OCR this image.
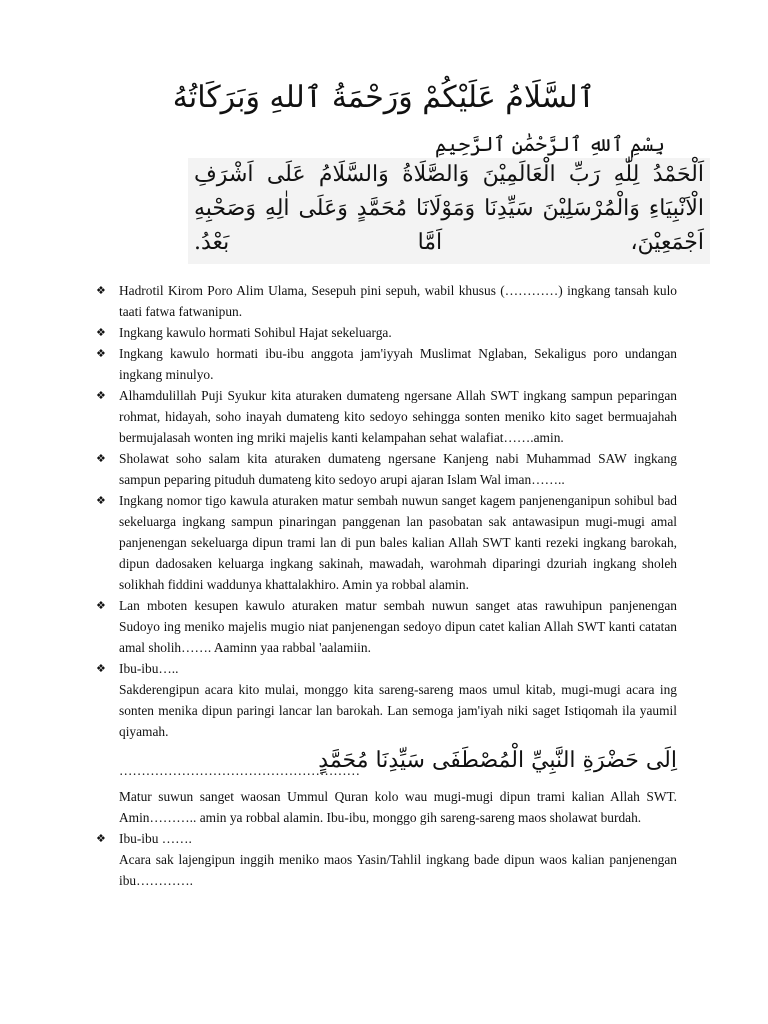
ٱلسَّلَامُ عَلَيْكُمْ وَرَحْمَةُ ٱللهِ وَبَرَكَاتُهُ
بِسْمِ ٱللهِ ٱلرَّحْمَٰنِ ٱلرَّحِيمِ
اَلْحَمْدُ لِلّٰهِ رَبِّ الْعَالَمِيْنَ وَالصَّلَاةُ وَالسَّلَامُ عَلَى اَشْرَفِ الْاَنْبِيَاءِ وَالْمُرْسَلِيْنَ سَيِّدِنَا وَمَوْلَانَا مُحَمَّدٍ وَعَلَى اٰلِهِ وَصَحْبِهِ اَجْمَعِيْنَ، اَمَّا بَعْدُ.
❖ Hadrotil Kirom Poro Alim Ulama, Sesepuh pini sepuh, wabil khusus (…………) ingkang tansah kulo taati fatwa fatwanipun.
❖ Ingkang kawulo hormati Sohibul Hajat sekeluarga.
❖ Ingkang kawulo hormati ibu-ibu anggota jam'iyyah Muslimat Nglaban, Sekaligus poro undangan ingkang minulyo.
❖ Alhamdulillah Puji Syukur kita aturaken dumateng ngersane Allah SWT ingkang sampun peparingan rohmat, hidayah, soho inayah dumateng kito sedoyo sehingga sonten meniko kito saget bermuajahah bermujalasah wonten ing mriki majelis kanti kelampahan sehat walafiat…….amin.
❖ Sholawat soho salam kita aturaken dumateng ngersane Kanjeng nabi Muhammad SAW ingkang sampun peparing pituduh dumateng kito sedoyo arupi ajaran Islam Wal iman……..
❖ Ingkang nomor tigo kawula aturaken matur sembah nuwun sanget kagem panjenenganipun sohibul bad sekeluarga ingkang sampun pinaringan panggenan lan pasobatan sak antawasipun mugi-mugi amal panjenengan sekeluarga dipun trami lan di pun bales kalian Allah SWT kanti rezeki ingkang barokah, dipun dadosaken keluarga ingkang sakinah, mawadah, warohmah diparingi dzuriah ingkang sholeh solikhah fiddini waddunya khattalakhiro. Amin ya robbal alamin.
❖ Lan mboten kesupen kawulo aturaken matur sembah nuwun sanget atas rawuhipun panjenengan Sudoyo ing meniko majelis mugio niat panjenengan sedoyo dipun catet kalian Allah SWT kanti catatan amal sholih……. Aaminn yaa rabbal 'aalamiin.
❖ Ibu-ibu…..
Sakderengipun acara kito mulai, monggo kita sareng-sareng maos umul kitab, mugi-mugi acara ing sonten menika dipun paringi lancar lan barokah. Lan semoga jam'iyah niki saget Istiqomah ila yaumil qiyamah.
………………………………………………
اِلَى حَضْرَةِ النَّبِيِّ الْمُصْطَفَى سَيِّدِنَا مُحَمَّدٍ
Matur suwun sanget waosan Ummul Quran kolo wau mugi-mugi dipun trami kalian Allah SWT. Amin……….. amin ya robbal alamin. Ibu-ibu, monggo gih sareng-sareng maos sholawat burdah.
❖ Ibu-ibu …….
Acara sak lajengipun inggih meniko maos Yasin/Tahlil ingkang bade dipun waos kalian panjenengan ibu………….
